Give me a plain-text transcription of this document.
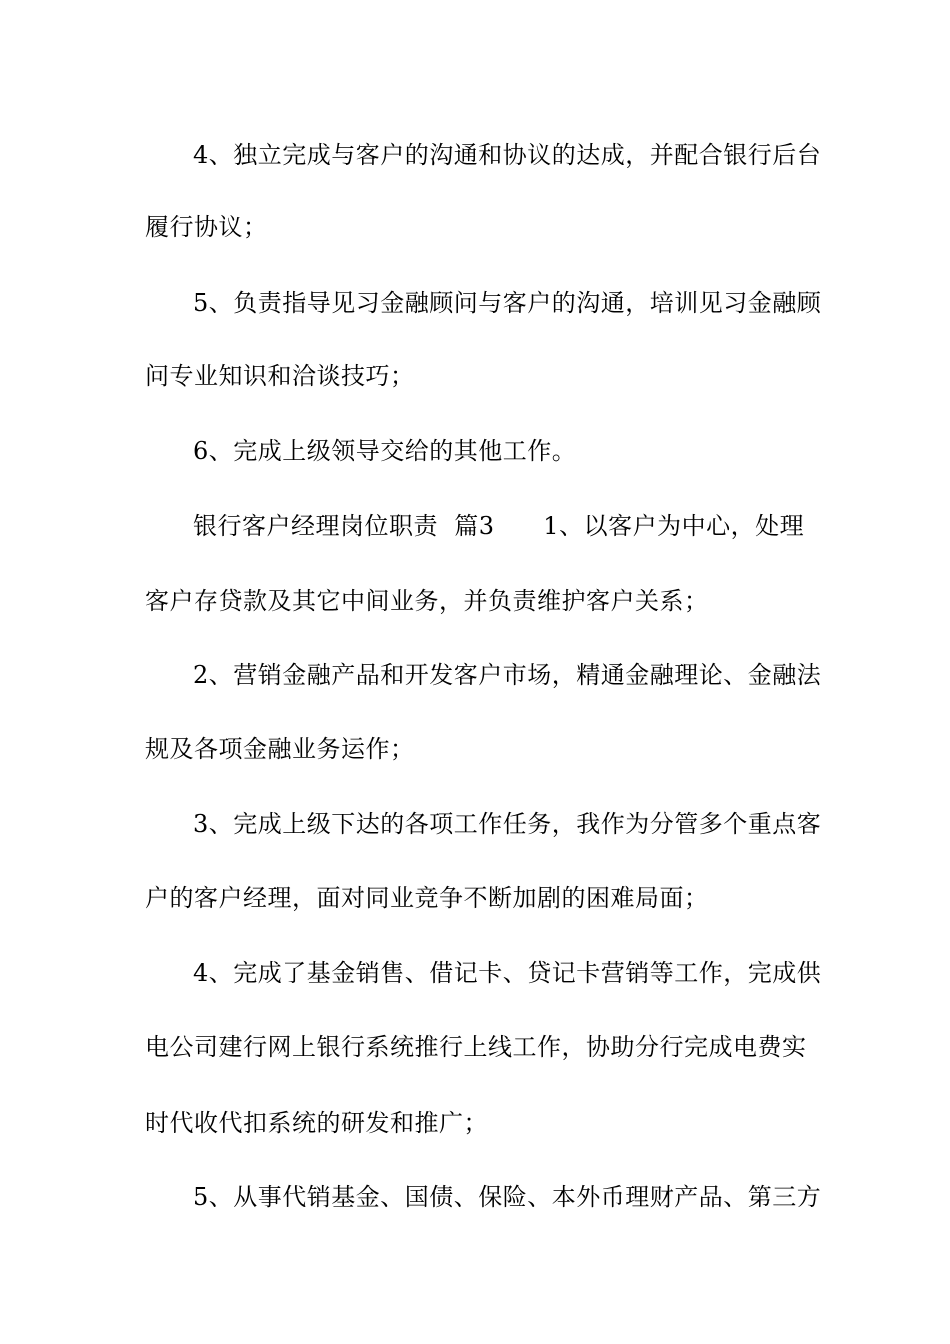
4、独立完成与客户的沟通和协议的达成，并配合银行后台
履行协议；
5、负责指导见习金融顾问与客户的沟通，培训见习金融顾
问专业知识和洽谈技巧；
6、完成上级领导交给的其他工作。
银行客户经理岗位职责  篇3      1、以客户为中心，处理
客户存贷款及其它中间业务，并负责维护客户关系；
2、营销金融产品和开发客户市场，精通金融理论、金融法
规及各项金融业务运作；
3、完成上级下达的各项工作任务，我作为分管多个重点客
户的客户经理，面对同业竞争不断加剧的困难局面；
4、完成了基金销售、借记卡、贷记卡营销等工作，完成供
电公司建行网上银行系统推行上线工作，协助分行完成电费实
时代收代扣系统的研发和推广；
5、从事代销基金、国债、保险、本外币理财产品、第三方
